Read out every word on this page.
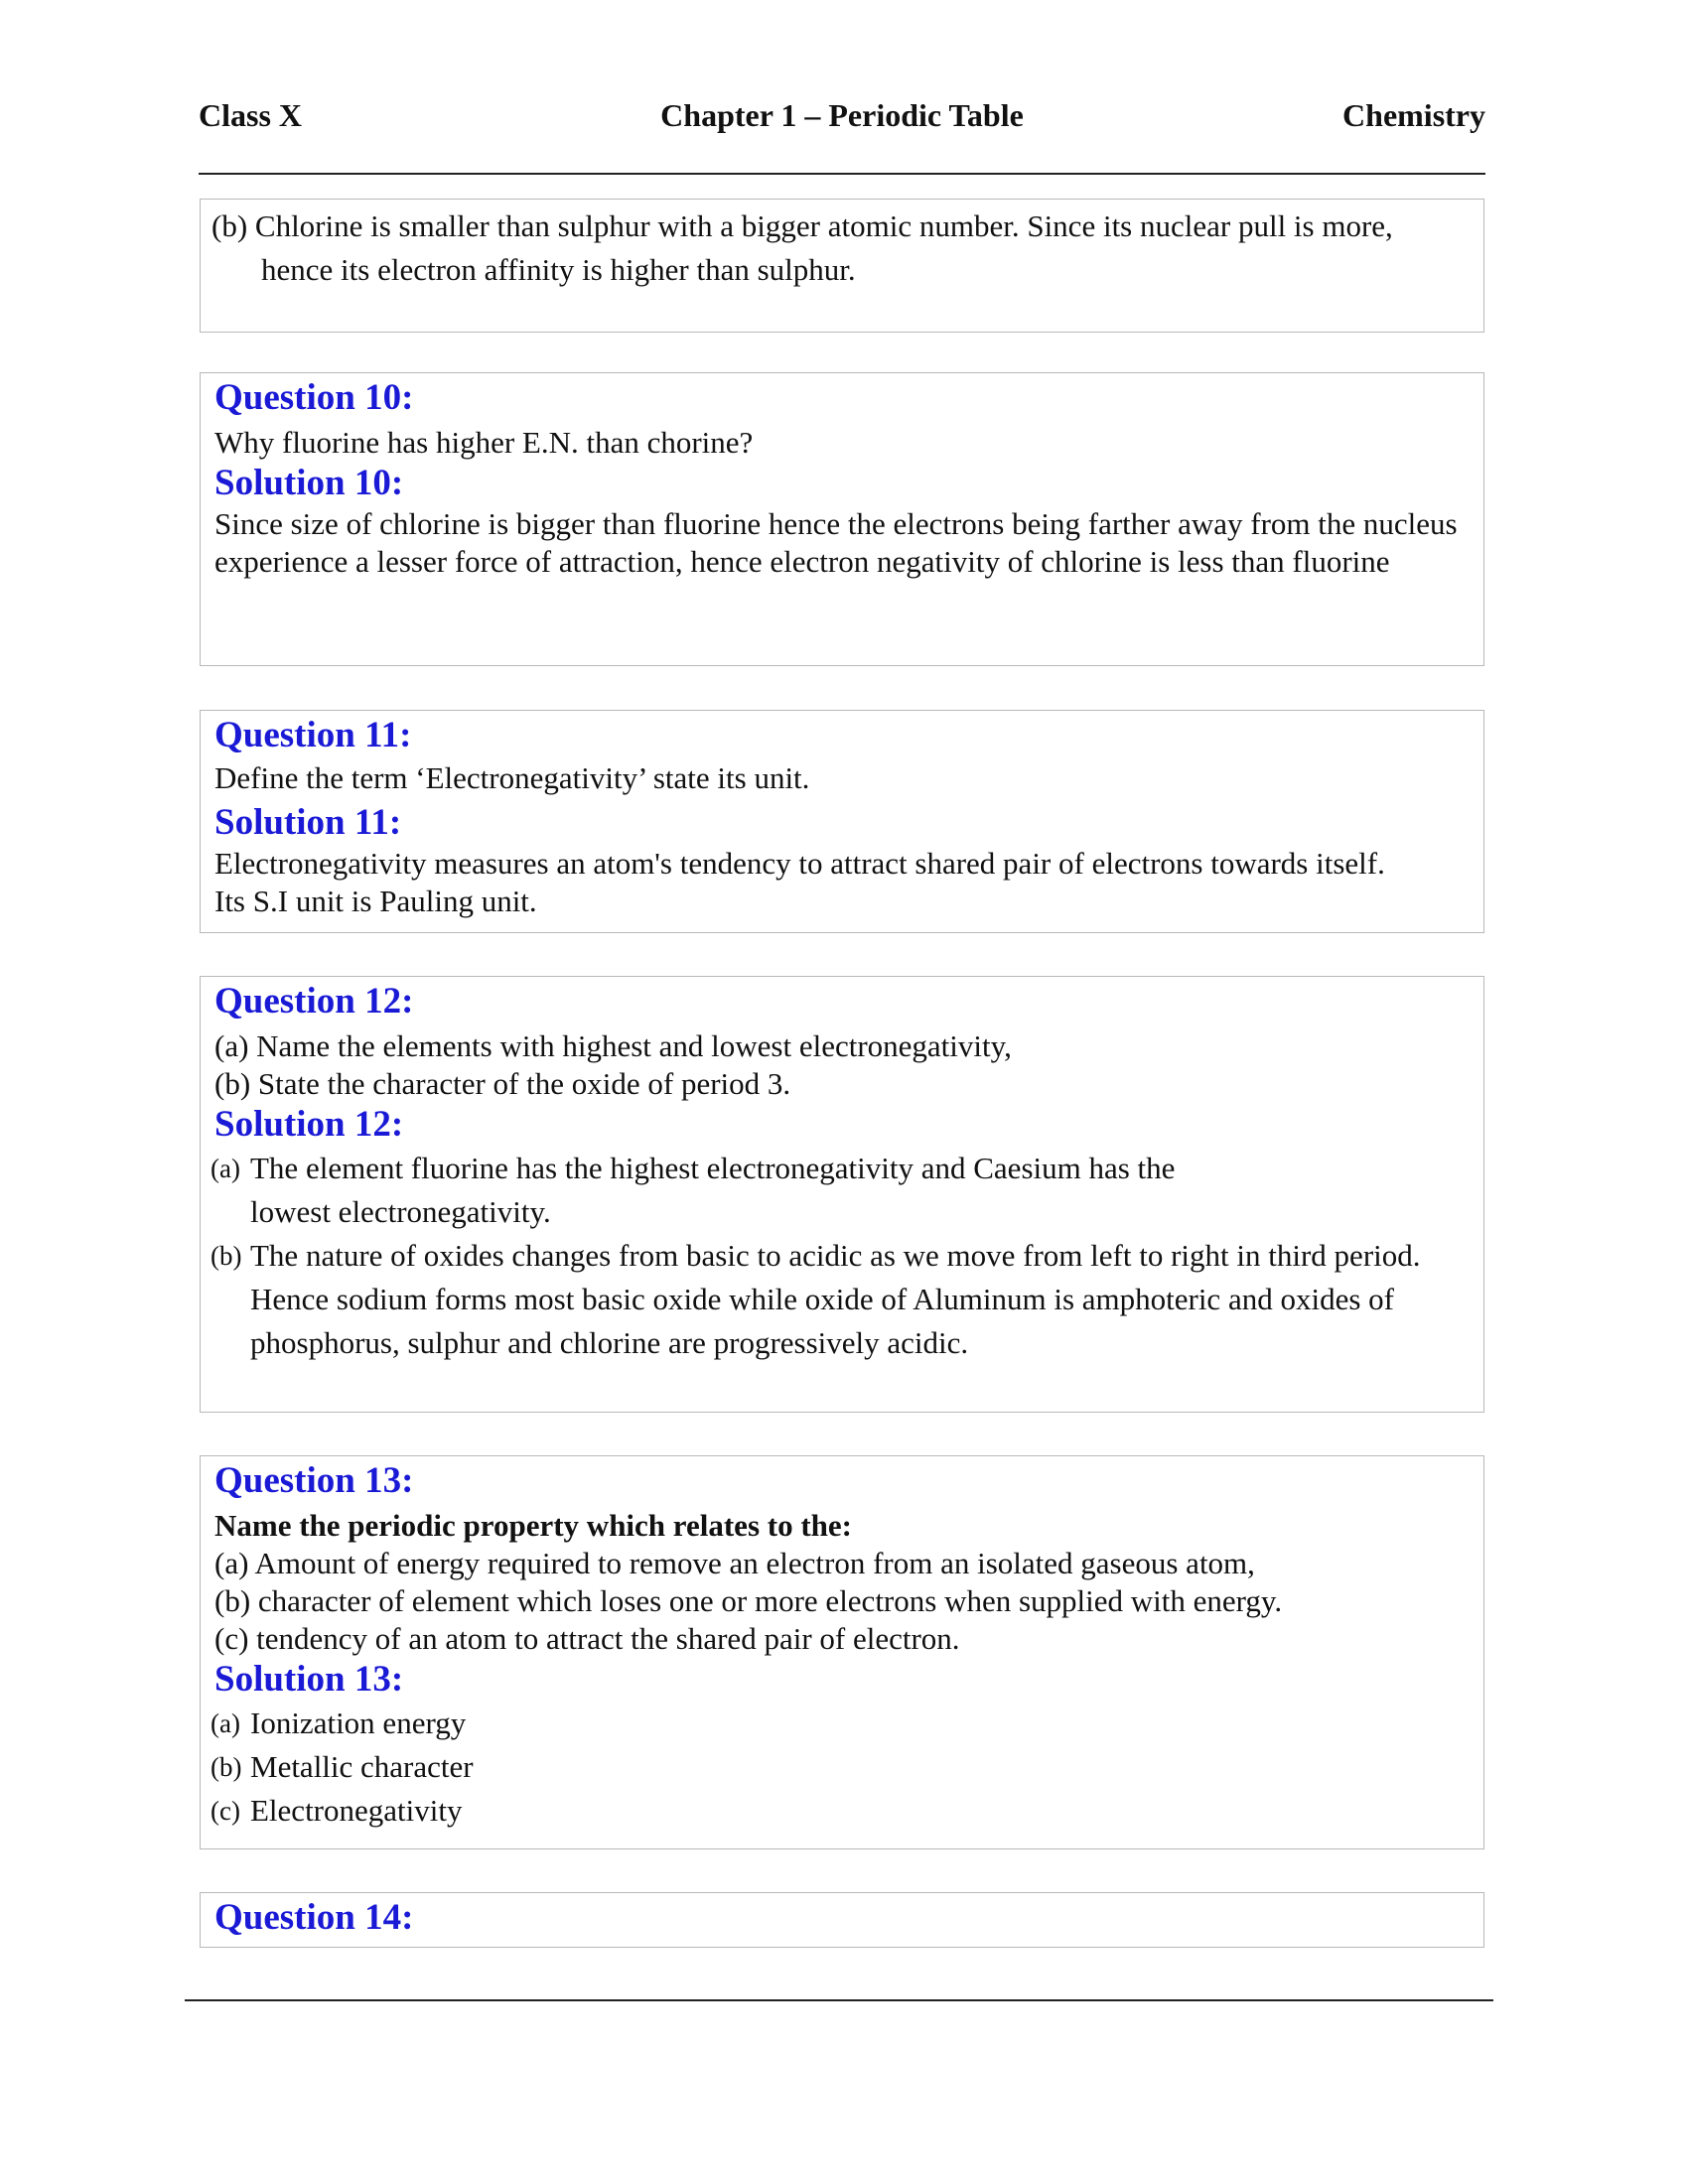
Chapter 1 – Periodic Table
Class X	Chemistry
(b) Chlorine is smaller than sulphur with a bigger atomic number. Since its nuclear pull is more, hence its electron affinity is higher than sulphur.
Question 10:
Why fluorine has higher E.N. than chorine?
Solution 10:
Since size of chlorine is bigger than fluorine hence the electrons being farther away from the nucleus experience a lesser force of attraction, hence electron negativity of chlorine is less than fluorine
Question 11:
Define the term ‘Electronegativity’ state its unit.
Solution 11:
Electronegativity measures an atom's tendency to attract shared pair of electrons towards itself.
Its S.I unit is Pauling unit.
Question 12:
(a) Name the elements with highest and lowest electronegativity,
(b) State the character of the oxide of period 3.
Solution 12:
(a) The element fluorine has the highest electronegativity and Caesium has the lowest electronegativity.
(b) The nature of oxides changes from basic to acidic as we move from left to right in third period. Hence sodium forms most basic oxide while oxide of Aluminum is amphoteric and oxides of phosphorus, sulphur and chlorine are progressively acidic.
Question 13:
Name the periodic property which relates to the:
(a) Amount of energy required to remove an electron from an isolated gaseous atom,
(b) character of element which loses one or more electrons when supplied with energy.
(c) tendency of an atom to attract the shared pair of electron.
Solution 13:
(a) Ionization energy
(b) Metallic character
(c) Electronegativity
Question 14:
